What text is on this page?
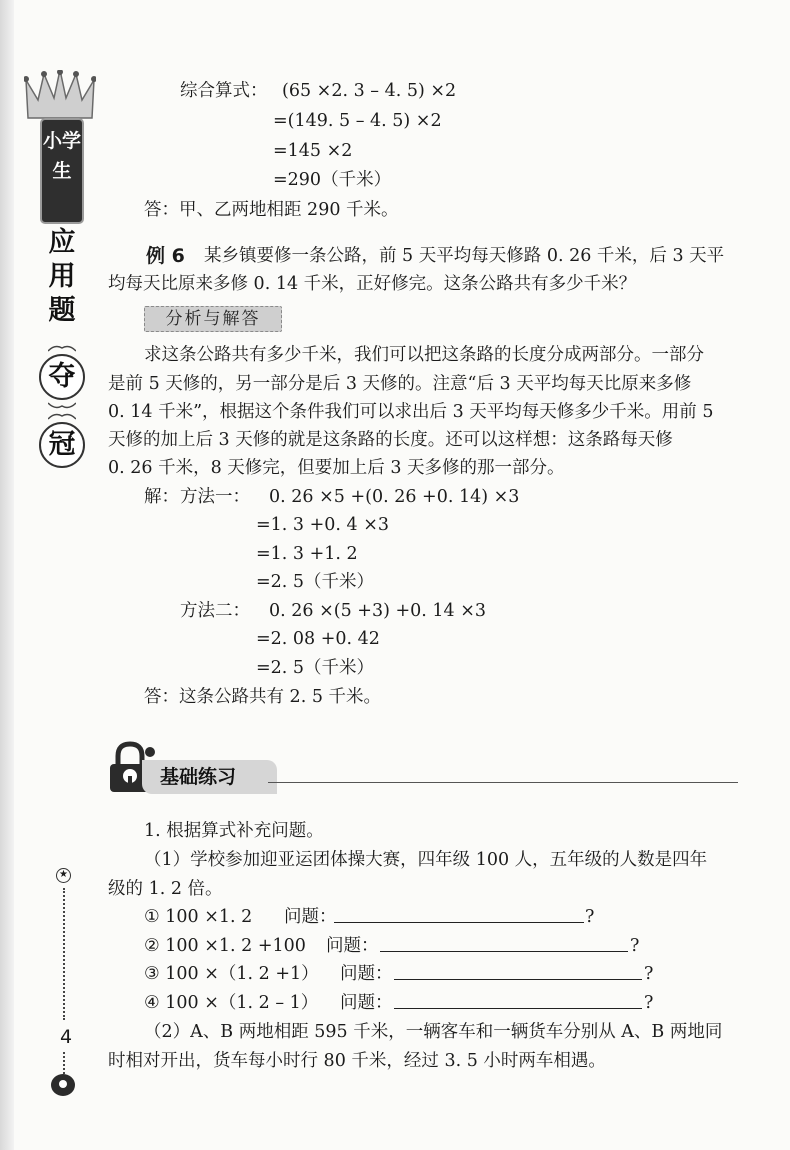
小学生
应用题
夺
冠
★
4
综合算式： (65 ×2. 3 – 4. 5) ×2
=(149. 5 – 4. 5) ×2
=145 ×2
=290（千米）
答：甲、乙两地相距 290 千米。
例 6 某乡镇要修一条公路，前 5 天平均每天修路 0. 26 千米，后 3 天平
均每天比原来多修 0. 14 千米，正好修完。这条公路共有多少千米？
分析与解答
求这条公路共有多少千米，我们可以把这条路的长度分成两部分。一部分
是前 5 天修的，另一部分是后 3 天修的。注意“后 3 天平均每天比原来多修
0. 14 千米”，根据这个条件我们可以求出后 3 天平均每天修多少千米。用前 5
天修的加上后 3 天修的就是这条路的长度。还可以这样想：这条路每天修
0. 26 千米，8 天修完，但要加上后 3 天多修的那一部分。
解： 方法一： 0. 26 ×5 +(0. 26 +0. 14) ×3
=1. 3 +0. 4 ×3
=1. 3 +1. 2
=2. 5（千米）
方法二： 0. 26 ×(5 +3) +0. 14 ×3
=2. 08 +0. 42
=2. 5（千米）
答：这条公路共有 2. 5 千米。
基础练习
1. 根据算式补充问题。
（1）学校参加迎亚运团体操大赛，四年级 100 人，五年级的人数是四年
级的 1. 2 倍。
① 100 ×1. 2 问题：	?
② 100 ×1. 2 +100 问题：	?
③ 100 ×（1. 2 +1） 问题：	?
④ 100 ×（1. 2 – 1） 问题：	?
（2）A、B 两地相距 595 千米，一辆客车和一辆货车分别从 A、B 两地同
时相对开出，货车每小时行 80 千米，经过 3. 5 小时两车相遇。
